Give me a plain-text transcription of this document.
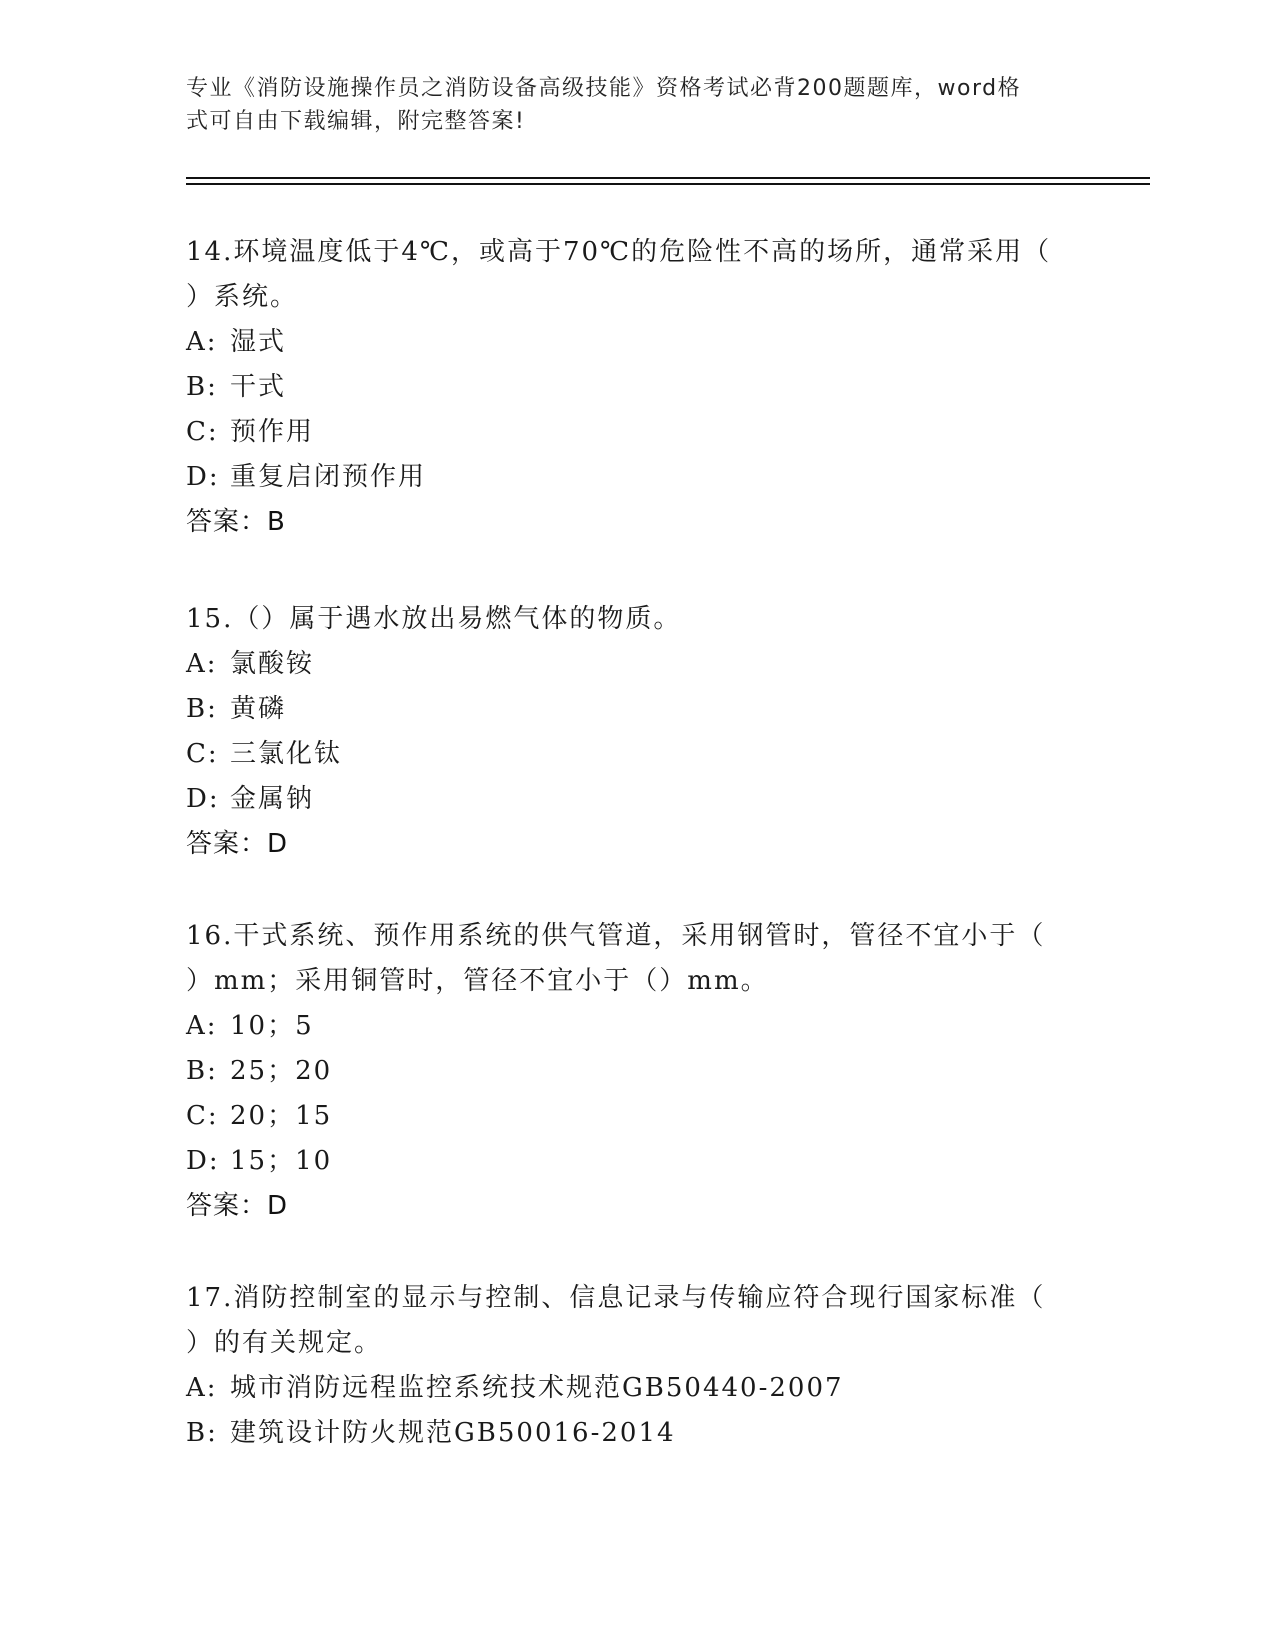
专业《消防设施操作员之消防设备高级技能》资格考试必背200题题库，word格
式可自由下载编辑，附完整答案!

14.环境温度低于4℃，或高于70℃的危险性不高的场所，通常采用（

）系统。

A: 湿式

B: 干式

C: 预作用

D: 重复启闭预作用

答案：B

15.（）属于遇水放出易燃气体的物质。

A: 氯酸铵

B: 黄磷

C: 三氯化钛

D: 金属钠

答案：D

16.干式系统、预作用系统的供气管道，采用钢管时，管径不宜小于（

）mm；采用铜管时，管径不宜小于（）mm。

A: 10；5

B: 25；20

C: 20；15

D: 15；10

答案：D

17.消防控制室的显示与控制、信息记录与传输应符合现行国家标准（

）的有关规定。

A: 城市消防远程监控系统技术规范GB50440-2007

B: 建筑设计防火规范GB50016-2014
